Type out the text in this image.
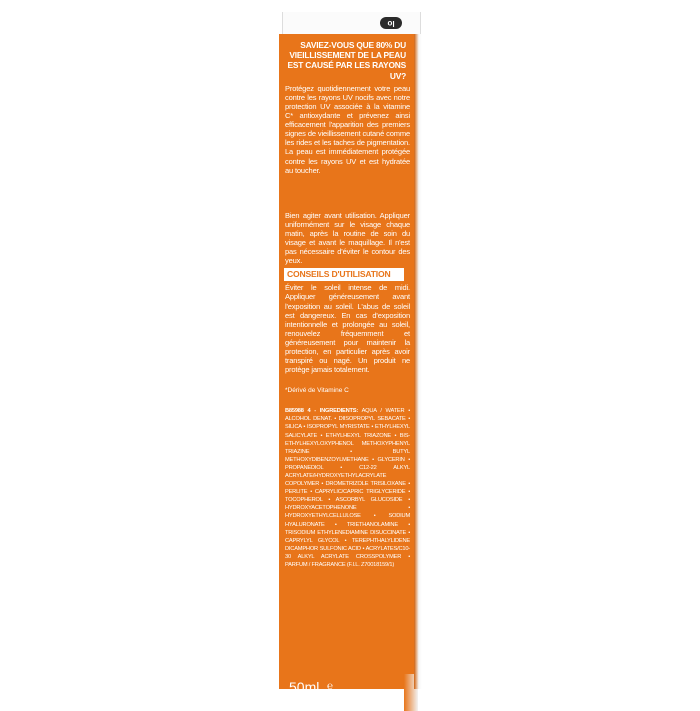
lo
SAVIEZ-VOUS QUE 80% DU VIEILLISSEMENT DE LA PEAU EST CAUSÉ PAR LES RAYONS UV?
Protégez quotidiennement votre peau contre les rayons UV nocifs avec notre protection UV associée à la vitamine C* antioxydante et prévenez ainsi efficacement l'apparition des premiers signes de vieillissement cutané comme les rides et les taches de pigmentation. La peau est immédiatement protégée contre les rayons UV et est hydratée au toucher.
Bien agiter avant utilisation. Appliquer uniformément sur le visage chaque matin, après la routine de soin du visage et avant le maquillage. Il n'est pas nécessaire d'éviter le contour des yeux.
CONSEILS D'UTILISATION
Éviter le soleil intense de midi. Appliquer généreusement avant l'exposition au soleil. L'abus de soleil est dangereux. En cas d'exposition intentionnelle et prolongée au soleil, renouvelez fréquemment et généreusement pour maintenir la protection, en particulier après avoir transpiré ou nagé. Un produit ne protège jamais totalement.
*Dérivé de Vitamine C
B85988 4 - INGREDIENTS: AQUA / WATER • ALCOHOL DENAT. • DIISOPROPYL SEBACATE • SILICA • ISOPROPYL MYRISTATE • ETHYLHEXYL SALICYLATE • ETHYLHEXYL TRIAZONE • BIS-ETHYLHEXYLOXYPHENOL METHOXYPHENYL TRIAZINE • BUTYL METHOXYDIBENZOYLMETHANE • GLYCERIN • PROPANEDIOL • C12-22 ALKYL ACRYLATE/HYDROXYETHYLACRYLATE COPOLYMER • DROMETRIZOLE TRISILOXANE • PERLITE • CAPRYLIC/CAPRIC TRIGLYCERIDE • TOCOPHEROL • ASCORBYL GLUCOSIDE • HYDROXYACETOPHENONE • HYDROXYETHYLCELLULOSE • SODIUM HYALURONATE • TRIETHANOLAMINE • TRISODIUM ETHYLENEDIAMINE DISUCCINATE • CAPRYLYL GLYCOL • TEREPHTHALYLIDENE DICAMPHOR SULFONIC ACID • ACRYLATES/C10-30 ALKYL ACRYLATE CROSSPOLYMER • PARFUM / FRAGRANCE (F.I.L. Z70018159/1)
50ml ℮
